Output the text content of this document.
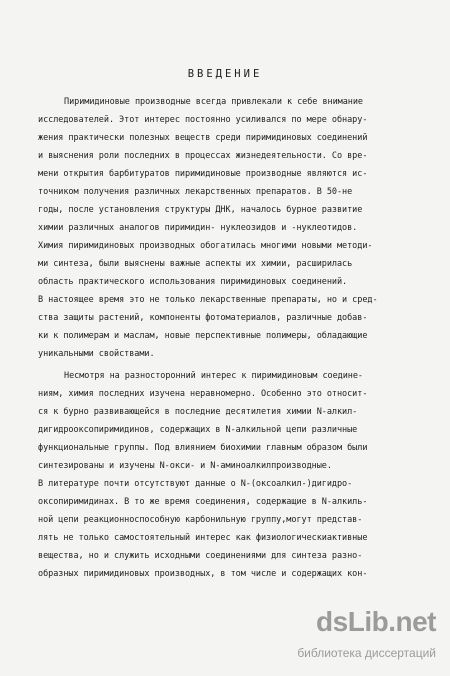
ВВЕДЕНИЕ
Пиримидиновые производные всегда привлекали к себе внимание
исследователей. Этот интерес постоянно усиливался по мере обнару-
жения практически полезных веществ среди пиримидиновых соединений
и выяснения роли последних в процессах жизнедеятельности. Со вре-
мени открытия барбитуратов пиримидиновые производные являются ис-
точником получения различных лекарственных препаратов. В 50-не
годы, после установления структуры ДНК, началось бурное развитие
химии различных аналогов пиримидин- нуклеозидов и -нуклеотидов.
Химия пиримидиновых производных обогатилась многими новыми методи-
ми синтеза, были выяснены важные аспекты их химии, расширилась
область практического использования пиримидиновых соединений.
В настоящее время это не только лекарственные препараты, но и сред-
ства защиты растений, компоненты фотоматериалов, различные добав-
ки к полимерам и маслам, новые перспективные полимеры, обладающие
уникальными свойствами.
Несмотря на разносторонний интерес к пиримидиновым соедине-
ниям, химия последних изучена неравномерно. Особенно это относит-
ся к бурно развивающейся в последние десятилетия химии N-алкил-
дигидрооксопиримидинов, содержащих в N-алкильной цепи различные
функциональные группы. Под влиянием биохимии главным образом были
синтезированы и изучены N-окси- и N-аминоалкилпроизводные.
В литературе почти отсутствуют данные о N-(оксоалкил-)дигидро-
оксопиримидинах. В то же время соединения, содержащие в N-алкиль-
ной цепи реакционноспособную карбонильную группу,могут представ-
лять не только самостоятельный интерес как физиологическиактивные
вещества, но и служить исходными соединениями для синтеза разно-
образных пиримидиновых производных, в том числе и содержащих кон-
dsLib.net
библиотека диссертаций
